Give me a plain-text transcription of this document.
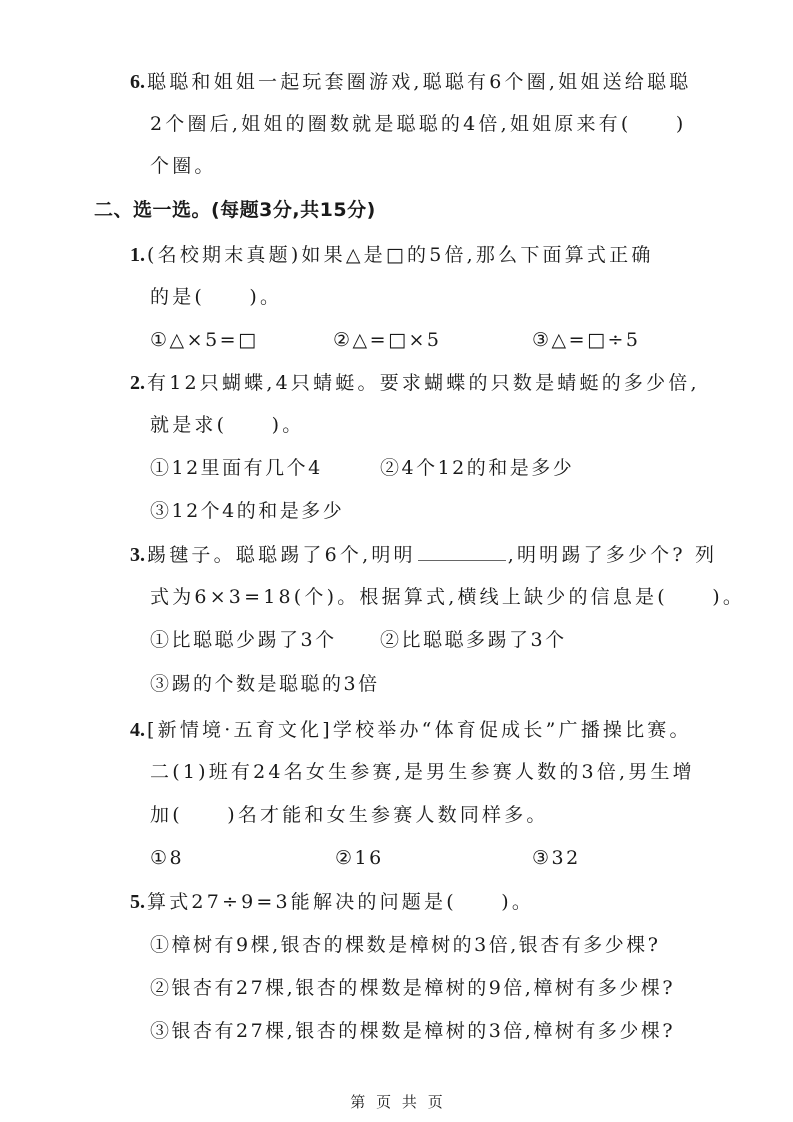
6. 聪聪和姐姐一起玩套圈游戏,聪聪有6个圈,姐姐送给聪聪
2个圈后,姐姐的圈数就是聪聪的4倍,姐姐原来有(　　)
个圈。
二、选一选。(每题3分,共15分)
1. (名校期末真题)如果△是□的5倍,那么下面算式正确
的是(　　)。
①△×5=□	②△=□×5	③△=□÷5
2. 有12只蝴蝶,4只蜻蜓。要求蝴蝶的只数是蜻蜓的多少倍,
就是求(　　)。
①12里面有几个4	②4个12的和是多少
③12个4的和是多少
3. 踢毽子。聪聪踢了6个,明明	,明明踢了多少个? 列
式为6×3=18(个)。根据算式,横线上缺少的信息是(　　)。
①比聪聪少踢了3个 ②比聪聪多踢了3个
③踢的个数是聪聪的3倍
4. [新情境·五育文化]学校举办“体育促成长”广播操比赛。
二(1)班有24名女生参赛,是男生参赛人数的3倍,男生增
加(　　)名才能和女生参赛人数同样多。
①8	②16	③32
5. 算式27÷9=3能解决的问题是(　　)。
①樟树有9棵,银杏的棵数是樟树的3倍,银杏有多少棵?
②银杏有27棵,银杏的棵数是樟树的9倍,樟树有多少棵?
③银杏有27棵,银杏的棵数是樟树的3倍,樟树有多少棵?
第 页 共 页
